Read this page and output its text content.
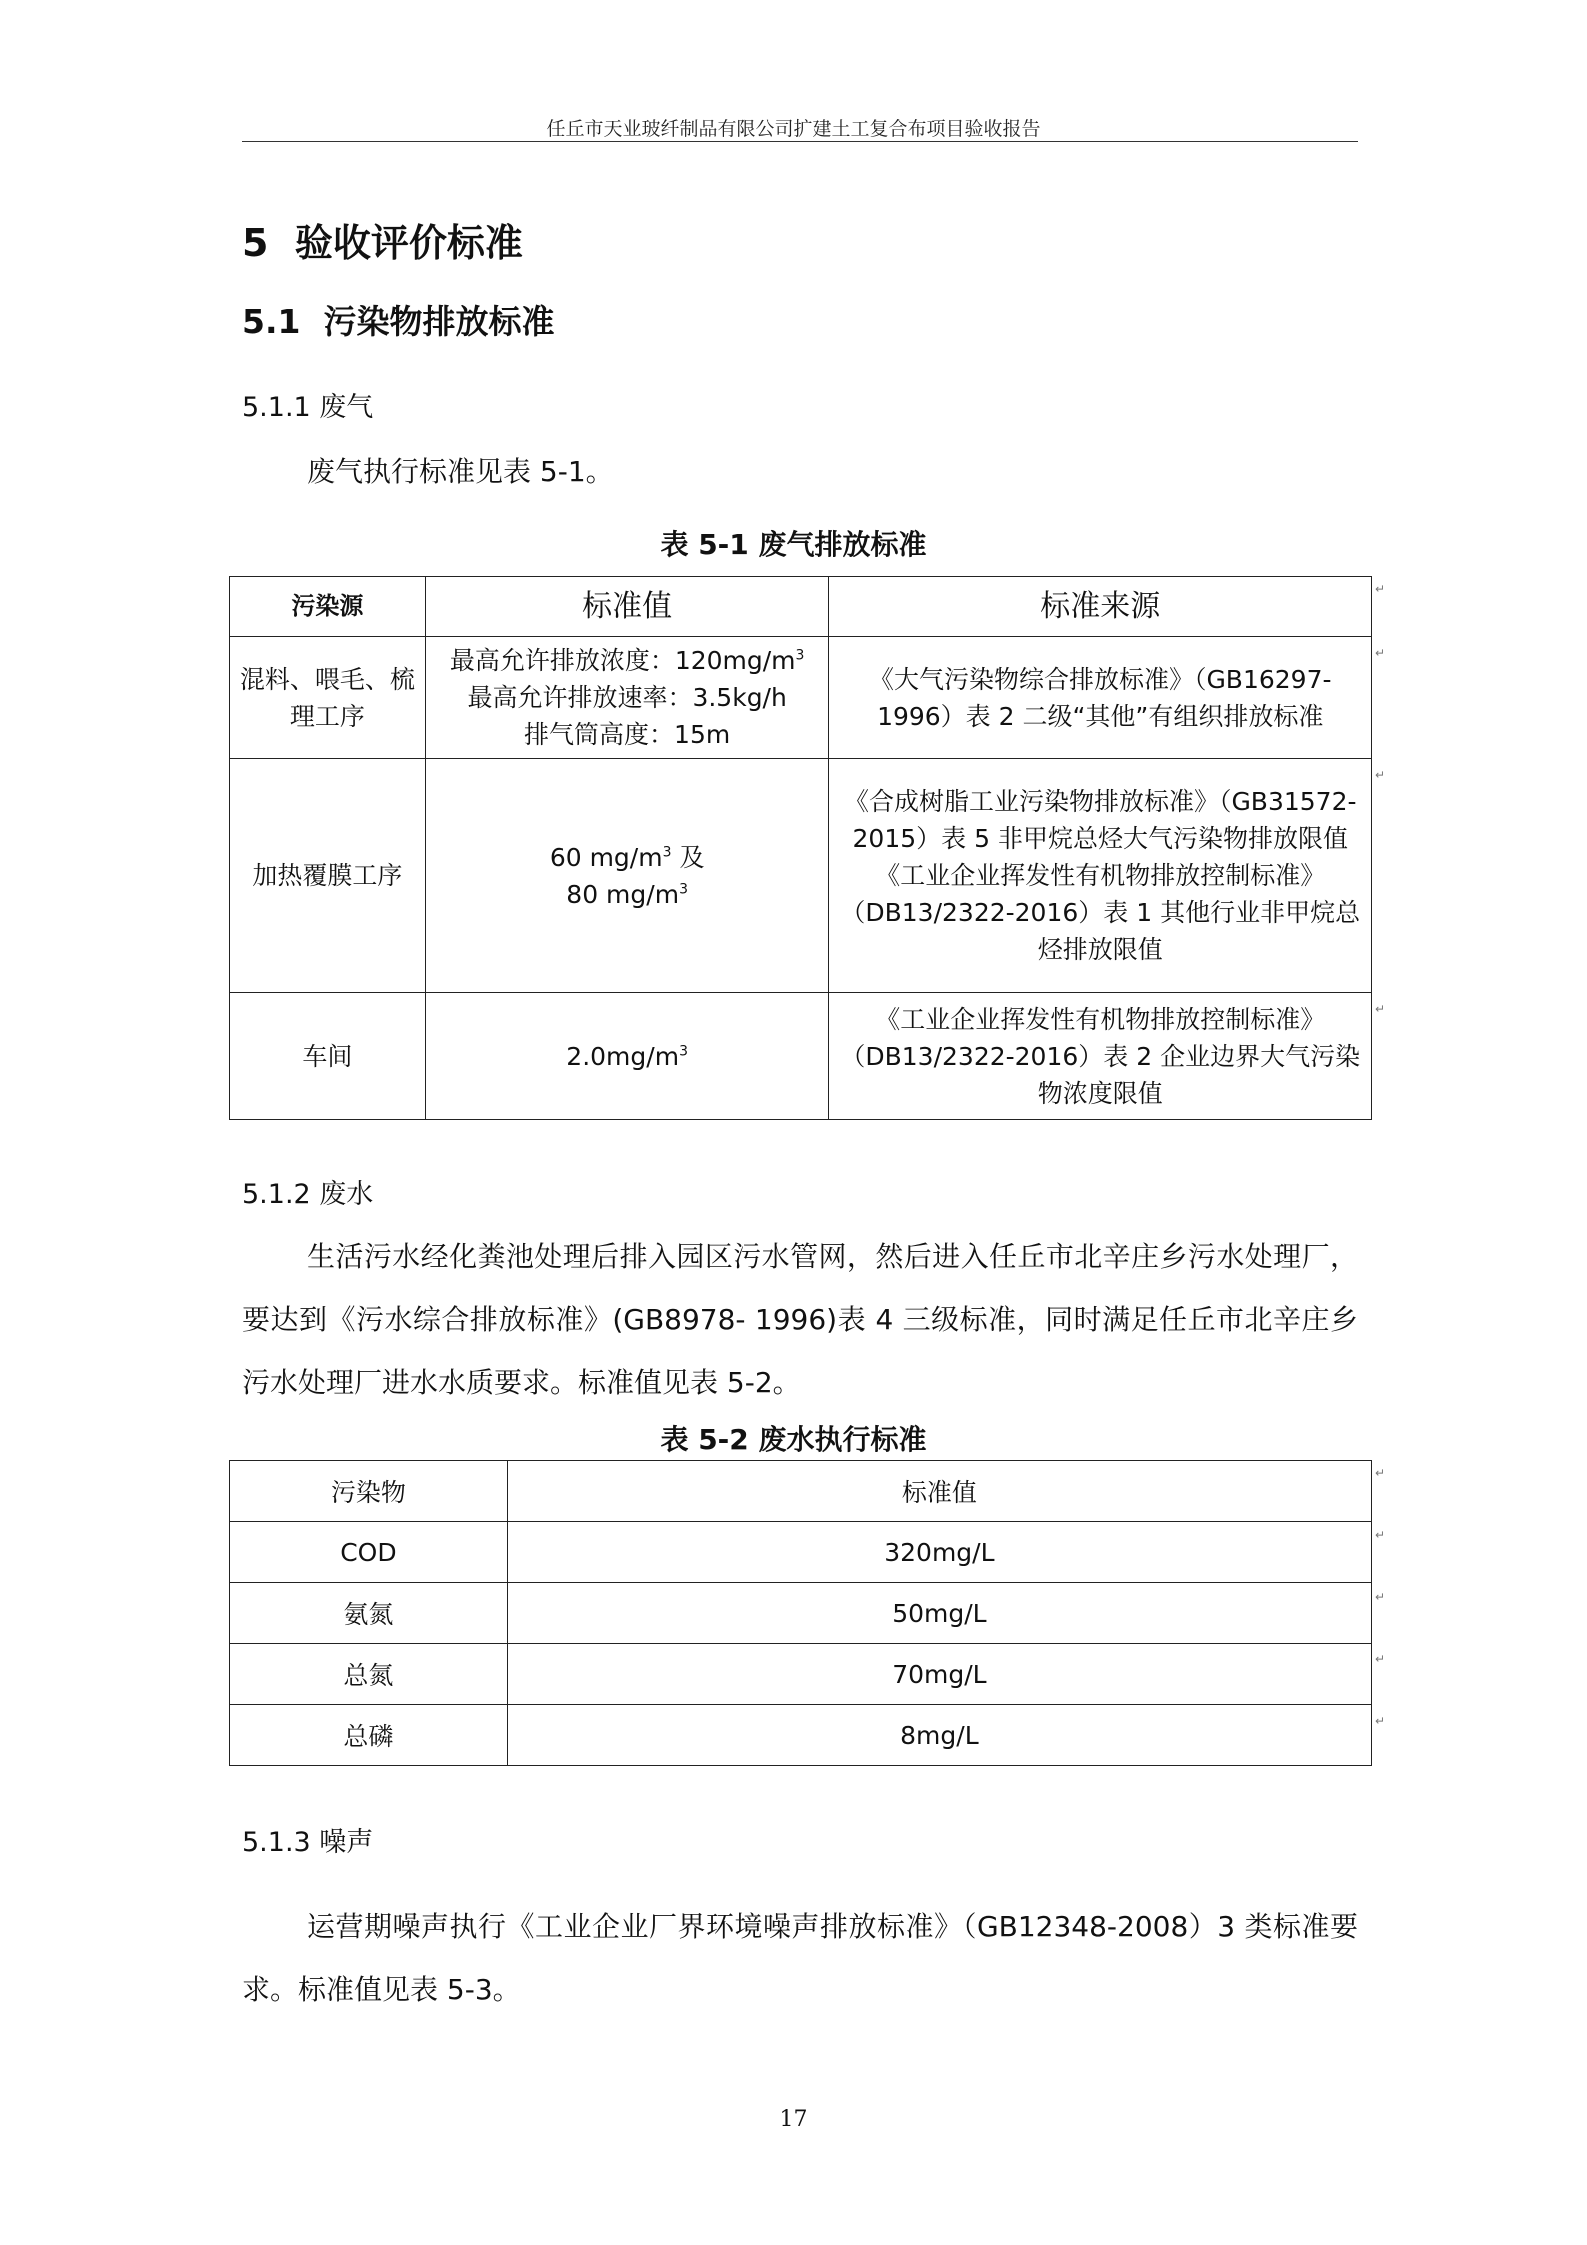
任丘市天业玻纤制品有限公司扩建土工复合布项目验收报告
5 验收评价标准
5.1 污染物排放标准
5.1.1 废气
废气执行标准见表 5-1。
表 5-1 废气排放标准
污染源	标准值	标准来源
混料、喂毛、梳理工序	最高允许排放浓度：$120mg/m^3$
最高允许排放速率：3.5kg/h
排气筒高度：15m	《大气污染物综合排放标准》（GB16297-1996）表 2 二级“其他”有组织排放标准
加热覆膜工序	60 $mg/m^3$ 及
80 $mg/m^3$	《合成树脂工业污染物排放标准》（GB31572-2015）表 5 非甲烷总烃大气污染物排放限值《工业企业挥发性有机物排放控制标准》（DB13/2322-2016）表 1 其他行业非甲烷总烃排放限值
车间	$2.0mg/m^3$	《工业企业挥发性有机物排放控制标准》（DB13/2322-2016）表 2 企业边界大气污染物浓度限值
↵
↵
↵
↵
5.1.2 废水
生活污水经化粪池处理后排入园区污水管网，然后进入任丘市北辛庄乡污水处理厂，要达到《污水综合排放标准》(GB8978- 1996)表 4 三级标准，同时满足任丘市北辛庄乡污水处理厂进水水质要求。标准值见表 5-2。
表 5-2 废水执行标准
污染物	标准值
COD	320mg/L
氨氮	50mg/L
总氮	70mg/L
总磷	8mg/L
↵
↵
↵
↵
↵
5.1.3 噪声
运营期噪声执行《工业企业厂界环境噪声排放标准》（GB12348-2008）3 类标准要求。标准值见表 5-3。
17
